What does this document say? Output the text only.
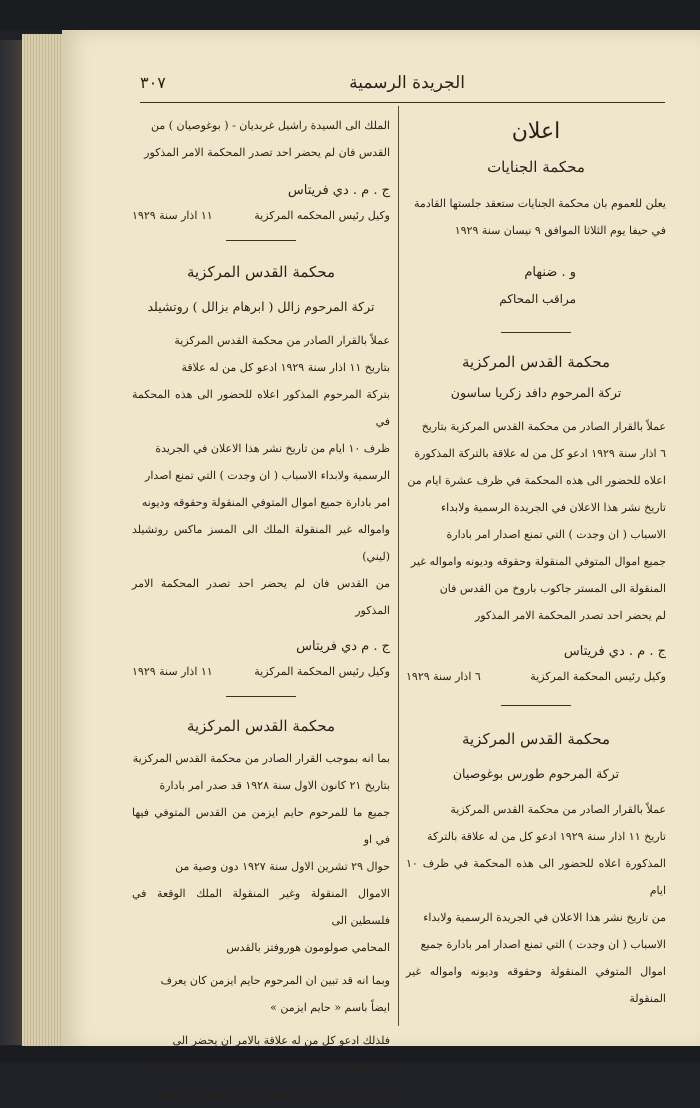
٣٠٧	الجريدة الرسمية

اعلان

محكمة الجنايات

يعلن للعموم بان محكمة الجنايات ستعقد جلستها القادمة

في حيفا يوم الثلاثا الموافق ٩ نيسان سنة ١٩٢٩

و . ضنهام

مراقب المحاكم

محكمة القدس المركزية

تركة المرحوم دافد زكريا ساسون

عملاً بالقرار الصادر من محكمة القدس المركزية بتاريخ

٦ اذار سنة ١٩٢٩ ادعو كل من له علاقة بالتركة المذكورة

اعلاه للحضور الى هذه المحكمة في ظرف عشرة ايام من

تاريخ نشر هذا الاعلان في الجريدة الرسمية ولابداء

الاسباب ( ان وجدت ) التي تمنع اصدار امر بادارة

جميع اموال المتوفي المنقولة وحقوقه وديونه وامواله غير

المنقولة الى المستر جاكوب باروخ من القدس فان

لم يحضر احد تصدر المحكمة الامر المذكور

ج . م . دي فريتاس

وكيل رئيس المحكمة المركزية
٦ اذار سنة ١٩٢٩

محكمة القدس المركزية

تركة المرحوم طورس بوغوصيان

عملاً بالقرار الصادر من محكمة القدس المركزية

تاريخ ١١ اذار سنة ١٩٢٩ ادعو كل من له علاقة بالتركة

المذكورة اعلاه للحضور الى هذه المحكمة في ظرف ١٠ ايام

من تاريخ نشر هذا الاعلان في الجريدة الرسمية ولابداء

الاسباب ( ان وجدت ) التي تمنع اصدار امر بادارة جميع

اموال المتوفي المنقولة وحقوقه وديونه وامواله غير المنقولة

الملك الى السيدة راشيل غربديان - ( بوغوصيان ) من

القدس فان لم يحضر احد تصدر المحكمة الامر المذكور

ج . م . دي فريتاس

وكيل رئيس المحكمه المركزية
١١ اذار سنة ١٩٢٩

محكمة القدس المركزية

تركة المرحوم زالل ( ابرهام بزالل ) روتشيلد

عملاً بالقرار الصادر من محكمة القدس المركزية

بتاريخ ١١ اذار سنة ١٩٢٩ ادعو كل من له علاقة

بتركة المرحوم المذكور اعلاه للحضور الى هذه المحكمة في

ظرف ١٠ ايام من تاريخ نشر هذا الاعلان في الجريدة

الرسمية ولابداء الاسباب ( ان وجدت ) التي تمنع اصدار

امر بادارة جميع اموال المتوفي المنقولة وحقوقه وديونه

وامواله غير المنقولة الملك الى المسز ماكس روتشيلد (ليني)

من القدس فان لم يحضر احد تصدر المحكمة الامر المذكور

ج . م دي فريتاس

وكيل رئيس المحكمة المركزية
١١ اذار سنة ١٩٢٩

محكمة القدس المركزية

بما انه بموجب القرار الصادر من محكمة القدس المركزية

بتاريخ ٢١ كانون الاول سنة ١٩٢٨ قد صدر امر بادارة

جميع ما للمرحوم حايم ايزمن من القدس المتوفي فيها في او

حوال ٢٩ تشرين الاول سنة ١٩٢٧ دون وصية من

الاموال المنقولة وغير المنقولة الملك الوقعة في فلسطين الى

المحامي صولومون هوروفتز بالقدس

وبما انه قد تبين ان المرحوم حايم ايزمن كان يعرف

ايضاً باسم « حايم ايزمن »

فلذلك ادعو كل من له علاقة بالامر ان يحضر الى

المحكمة المذكورة خلال عشرة ايام من تاريخ نشر هذا

الاعلان في الجريدة الرسمية ويبين السبب ( ان وجد )
